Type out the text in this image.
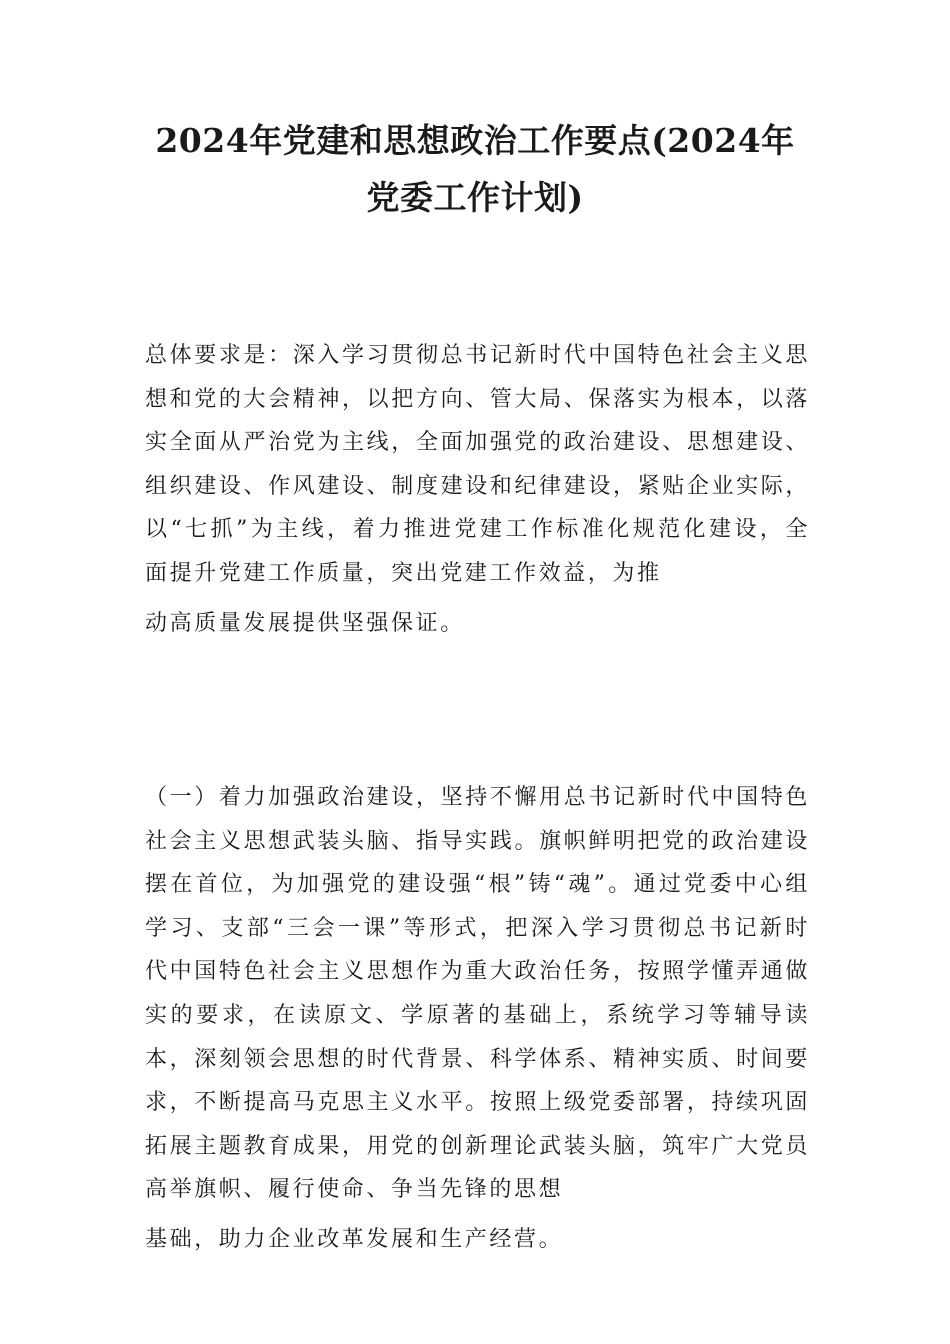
2024年党建和思想政治工作要点(2024年党委工作计划)

总体要求是：深入学习贯彻总书记新时代中国特色社会主义思想和党的大会精神，以把方向、管大局、保落实为根本，以落实全面从严治党为主线，全面加强党的政治建设、思想建设、组织建设、作风建设、制度建设和纪律建设，紧贴企业实际，以“七抓”为主线，着力推进党建工作标准化规范化建设，全面提升党建工作质量，突出党建工作效益，为推
动高质量发展提供坚强保证。

（一）着力加强政治建设，坚持不懈用总书记新时代中国特色社会主义思想武装头脑、指导实践。旗帜鲜明把党的政治建设摆在首位，为加强党的建设强“根”铸“魂”。通过党委中心组学习、支部“三会一课”等形式，把深入学习贯彻总书记新时代中国特色社会主义思想作为重大政治任务，按照学懂弄通做实的要求，在读原文、学原著的基础上，系统学习等辅导读本，深刻领会思想的时代背景、科学体系、精神实质、时间要求，不断提高马克思主义水平。按照上级党委部署，持续巩固拓展主题教育成果，用党的创新理论武装头脑，筑牢广大党员高举旗帜、履行使命、争当先锋的思想
基础，助力企业改革发展和生产经营。
